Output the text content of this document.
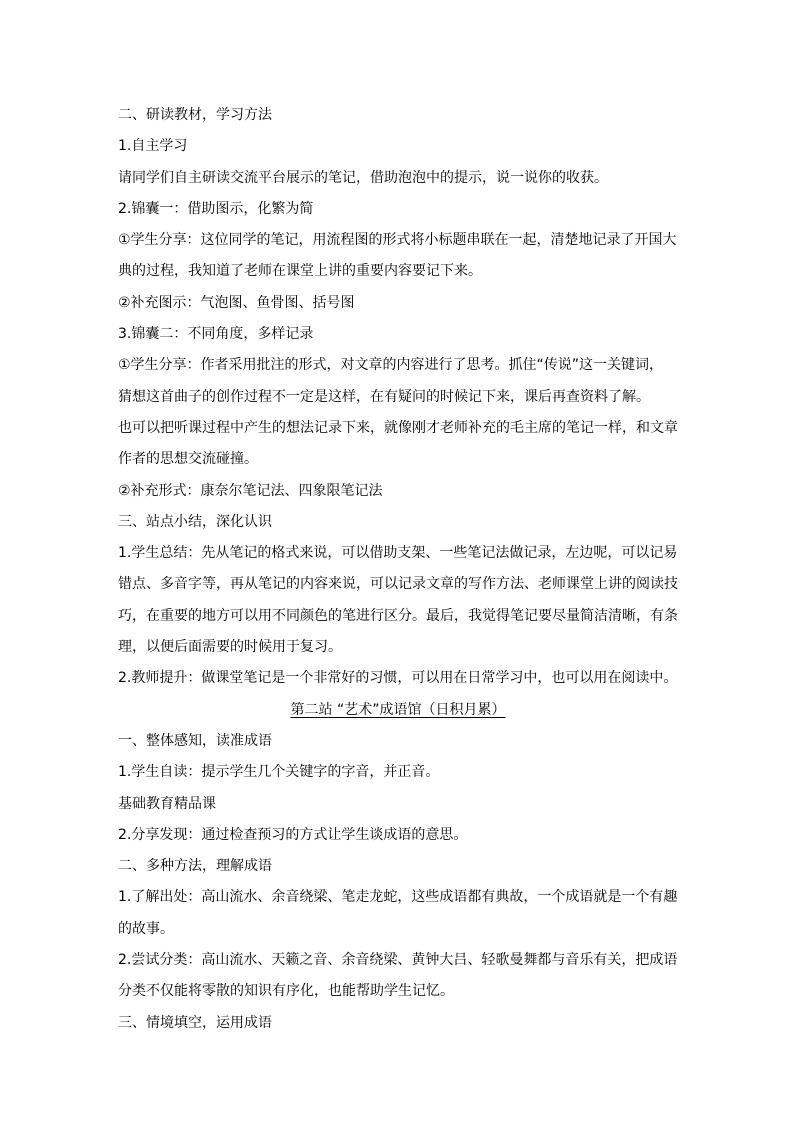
二、研读教材，学习方法

1.自主学习

请同学们自主研读交流平台展示的笔记，借助泡泡中的提示，说一说你的收获。

2.锦囊一：借助图示，化繁为简

①学生分享：这位同学的笔记，用流程图的形式将小标题串联在一起，清楚地记录了开国大

典的过程，我知道了老师在课堂上讲的重要内容要记下来。

②补充图示：气泡图、鱼骨图、括号图

3.锦囊二：不同角度，多样记录

①学生分享：作者采用批注的形式，对文章的内容进行了思考。抓住“传说”这一关键词，

猜想这首曲子的创作过程不一定是这样，在有疑问的时候记下来，课后再查资料了解。

也可以把听课过程中产生的想法记录下来，就像刚才老师补充的毛主席的笔记一样，和文章

作者的思想交流碰撞。

②补充形式：康奈尔笔记法、四象限笔记法

三、站点小结，深化认识

1.学生总结：先从笔记的格式来说，可以借助支架、一些笔记法做记录，左边呢，可以记易

错点、多音字等，再从笔记的内容来说，可以记录文章的写作方法、老师课堂上讲的阅读技

巧，在重要的地方可以用不同颜色的笔进行区分。最后，我觉得笔记要尽量简洁清晰，有条

理，以便后面需要的时候用于复习。

2.教师提升：做课堂笔记是一个非常好的习惯，可以用在日常学习中，也可以用在阅读中。

第二站 “艺术”成语馆（日积月累）

一、整体感知，读准成语

1.学生自读：提示学生几个关键字的字音，并正音。

基础教育精品课

2.分享发现：通过检查预习的方式让学生谈成语的意思。

二、多种方法，理解成语

1.了解出处：高山流水、余音绕梁、笔走龙蛇，这些成语都有典故，一个成语就是一个有趣

的故事。

2.尝试分类：高山流水、天籁之音、余音绕梁、黄钟大吕、轻歌曼舞都与音乐有关，把成语

分类不仅能将零散的知识有序化，也能帮助学生记忆。

三、情境填空，运用成语
